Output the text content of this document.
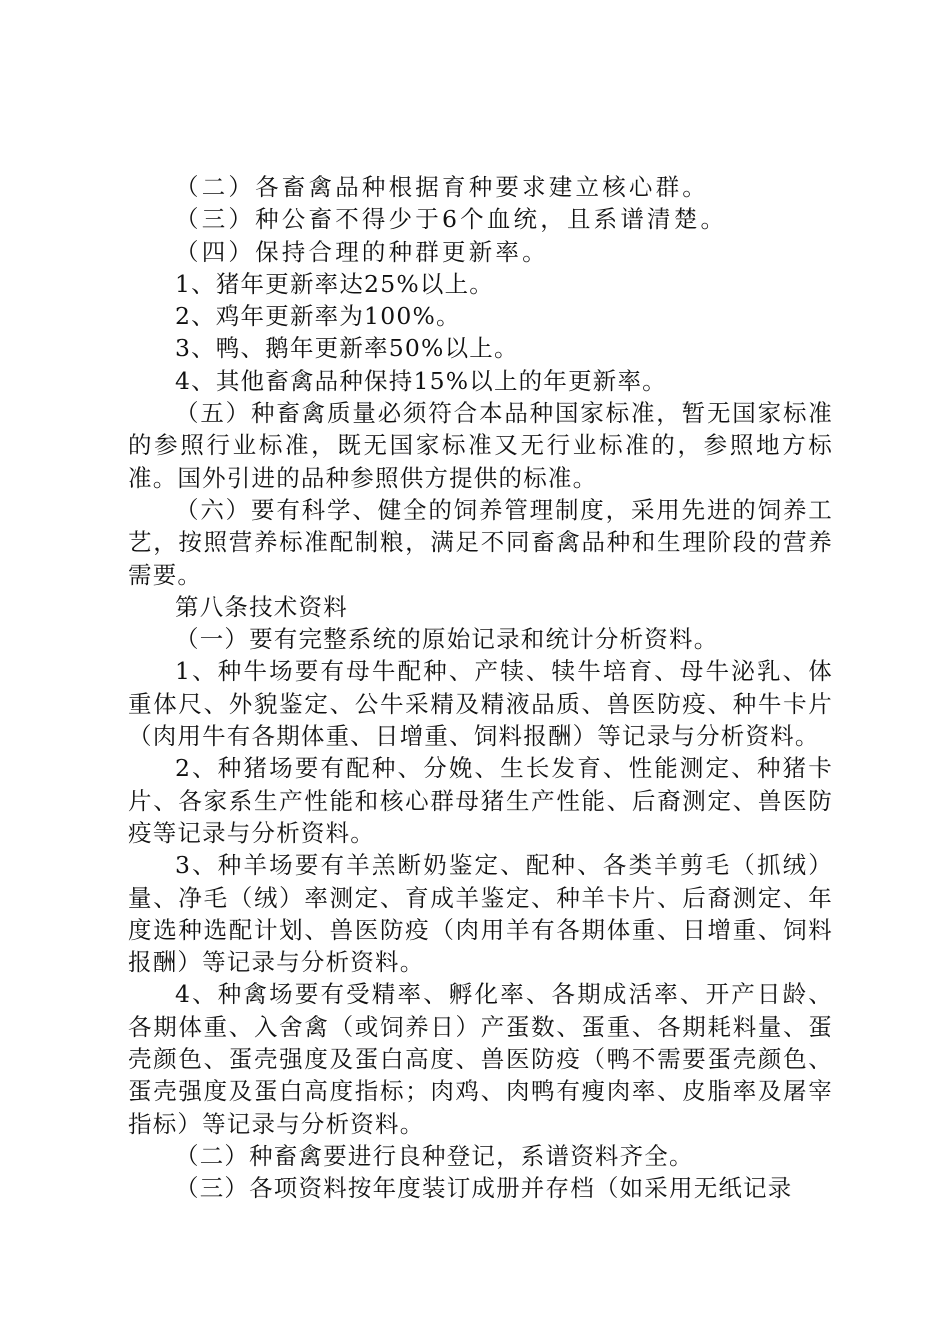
（二）各畜禽品种根据育种要求建立核心群。

（三）种公畜不得少于6个血统，且系谱清楚。

（四）保持合理的种群更新率。

1、猪年更新率达25%以上。

2、鸡年更新率为100%。

3、鸭、鹅年更新率50%以上。

4、其他畜禽品种保持15%以上的年更新率。

（五）种畜禽质量必须符合本品种国家标准，暂无国家标准的参照行业标准，既无国家标准又无行业标准的，参照地方标准。国外引进的品种参照供方提供的标准。

（六）要有科学、健全的饲养管理制度，采用先进的饲养工艺，按照营养标准配制粮，满足不同畜禽品种和生理阶段的营养需要。

第八条技术资料

（一）要有完整系统的原始记录和统计分析资料。

1、种牛场要有母牛配种、产犊、犊牛培育、母牛泌乳、体重体尺、外貌鉴定、公牛采精及精液品质、兽医防疫、种牛卡片（肉用牛有各期体重、日增重、饲料报酬）等记录与分析资料。

2、种猪场要有配种、分娩、生长发育、性能测定、种猪卡片、各家系生产性能和核心群母猪生产性能、后裔测定、兽医防疫等记录与分析资料。

3、种羊场要有羊羔断奶鉴定、配种、各类羊剪毛（抓绒）量、净毛（绒）率测定、育成羊鉴定、种羊卡片、后裔测定、年度选种选配计划、兽医防疫（肉用羊有各期体重、日增重、饲料报酬）等记录与分析资料。

4、种禽场要有受精率、孵化率、各期成活率、开产日龄、各期体重、入舍禽（或饲养日）产蛋数、蛋重、各期耗料量、蛋壳颜色、蛋壳强度及蛋白高度、兽医防疫（鸭不需要蛋壳颜色、蛋壳强度及蛋白高度指标；肉鸡、肉鸭有瘦肉率、皮脂率及屠宰指标）等记录与分析资料。

（二）种畜禽要进行良种登记，系谱资料齐全。

（三）各项资料按年度装订成册并存档（如采用无纸记录
